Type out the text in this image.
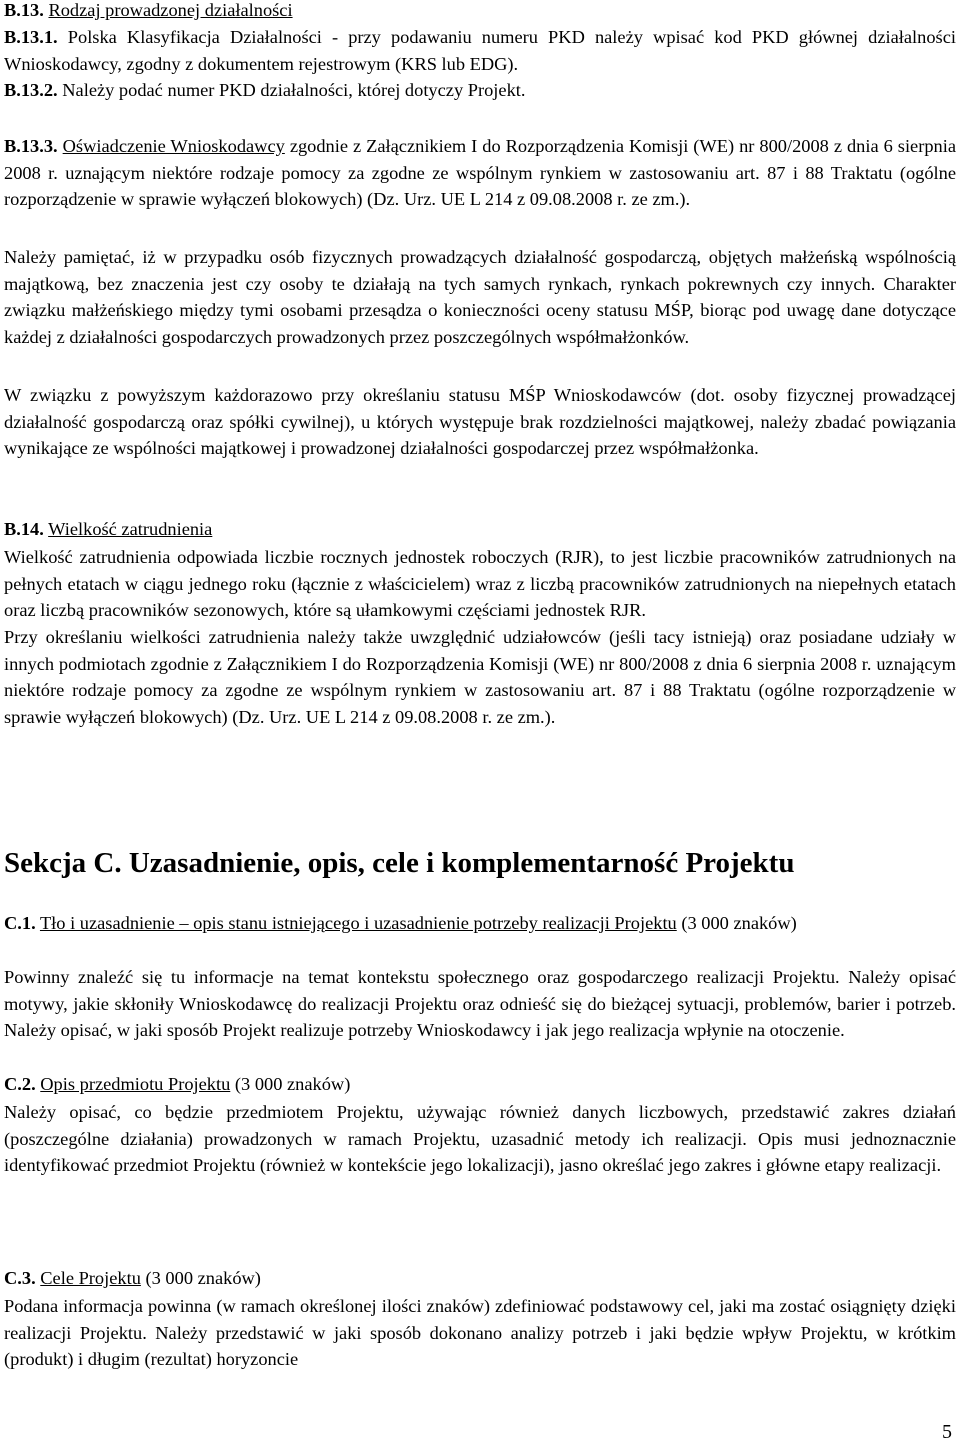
B.13. Rodzaj prowadzonej działalności

B.13.1. Polska Klasyfikacja Działalności - przy podawaniu numeru PKD należy wpisać kod PKD głównej działalności Wnioskodawcy, zgodny z dokumentem rejestrowym (KRS lub EDG).

B.13.2. Należy podać numer PKD działalności, której dotyczy Projekt.

B.13.3. Oświadczenie Wnioskodawcy zgodnie z Załącznikiem I do Rozporządzenia Komisji (WE) nr 800/2008 z dnia 6 sierpnia 2008 r. uznającym niektóre rodzaje pomocy za zgodne ze wspólnym rynkiem w zastosowaniu art. 87 i 88 Traktatu (ogólne rozporządzenie w sprawie wyłączeń blokowych) (Dz. Urz. UE L 214 z 09.08.2008 r. ze zm.).

Należy pamiętać, iż w przypadku osób fizycznych prowadzących działalność gospodarczą, objętych małżeńską wspólnością majątkową, bez znaczenia jest czy osoby te działają na tych samych rynkach, rynkach pokrewnych czy innych. Charakter związku małżeńskiego między tymi osobami przesądza o konieczności oceny statusu MŚP, biorąc pod uwagę dane dotyczące każdej z działalności gospodarczych prowadzonych przez poszczególnych współmałżonków.

W związku z powyższym każdorazowo przy określaniu statusu MŚP Wnioskodawców (dot. osoby fizycznej prowadzącej działalność gospodarczą oraz spółki cywilnej), u których występuje brak rozdzielności majątkowej, należy zbadać powiązania wynikające ze wspólności majątkowej i prowadzonej działalności gospodarczej przez współmałżonka.

B.14. Wielkość zatrudnienia

Wielkość zatrudnienia odpowiada liczbie rocznych jednostek roboczych (RJR), to jest liczbie pracowników zatrudnionych na pełnych etatach w ciągu jednego roku (łącznie z właścicielem) wraz z liczbą pracowników zatrudnionych na niepełnych etatach oraz liczbą pracowników sezonowych, które są ułamkowymi częściami jednostek RJR.

Przy określaniu wielkości zatrudnienia należy także uwzględnić udziałowców (jeśli tacy istnieją) oraz posiadane udziały w innych podmiotach zgodnie z Załącznikiem I do Rozporządzenia Komisji (WE) nr 800/2008 z dnia 6 sierpnia 2008 r. uznającym niektóre rodzaje pomocy za zgodne ze wspólnym rynkiem w zastosowaniu art. 87 i 88 Traktatu (ogólne rozporządzenie w sprawie wyłączeń blokowych) (Dz. Urz. UE L 214 z 09.08.2008 r. ze zm.).

Sekcja C. Uzasadnienie, opis, cele i komplementarność Projektu

C.1. Tło i uzasadnienie – opis stanu istniejącego i uzasadnienie potrzeby realizacji Projektu (3 000 znaków)

Powinny znaleźć się tu informacje na temat kontekstu społecznego oraz gospodarczego realizacji Projektu. Należy opisać motywy, jakie skłoniły Wnioskodawcę do realizacji Projektu oraz odnieść się do bieżącej sytuacji, problemów, barier i potrzeb. Należy opisać, w jaki sposób Projekt realizuje potrzeby Wnioskodawcy i jak jego realizacja wpłynie na otoczenie.

C.2. Opis przedmiotu Projektu (3 000 znaków)

Należy opisać, co będzie przedmiotem Projektu, używając również danych liczbowych, przedstawić zakres działań (poszczególne działania) prowadzonych w ramach Projektu, uzasadnić metody ich realizacji. Opis musi jednoznacznie identyfikować przedmiot Projektu (również w kontekście jego lokalizacji), jasno określać jego zakres i główne etapy realizacji.

C.3. Cele Projektu (3 000 znaków)

Podana informacja powinna (w ramach określonej ilości znaków) zdefiniować podstawowy cel, jaki ma zostać osiągnięty dzięki realizacji Projektu. Należy przedstawić w jaki sposób dokonano analizy potrzeb i jaki będzie wpływ Projektu, w krótkim (produkt) i długim (rezultat) horyzoncie

5
